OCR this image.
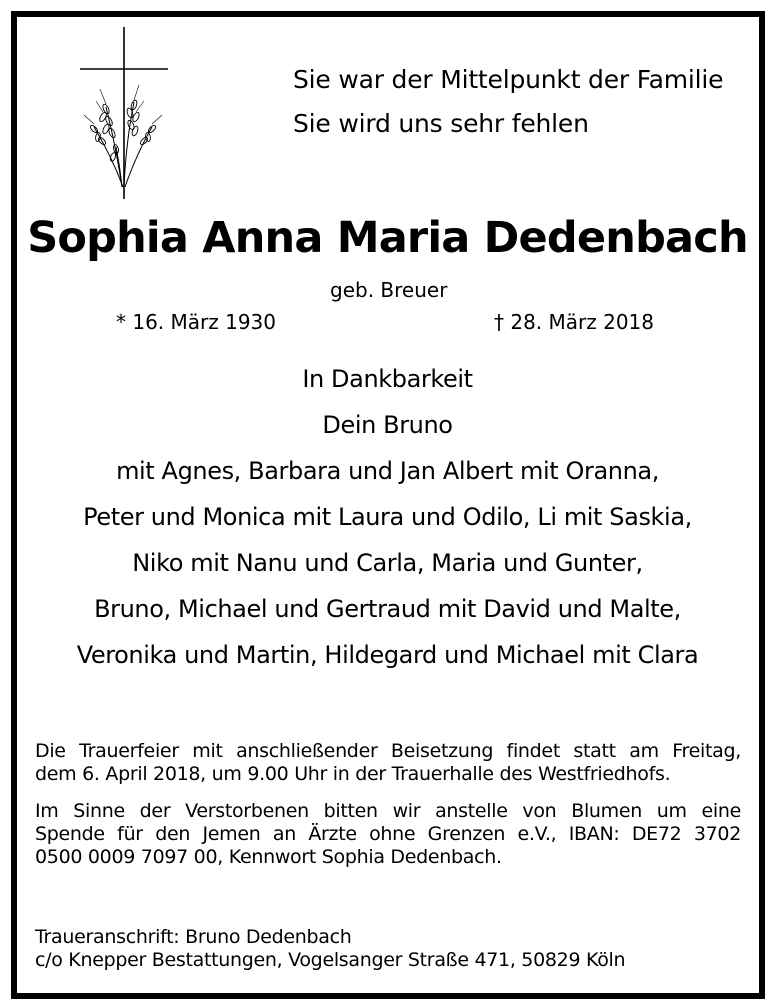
Sie war der Mittelpunkt der Familie
Sie wird uns sehr fehlen
Sophia Anna Maria Dedenbach
geb. Breuer
* 16. März 1930	† 28. März 2018
In Dankbarkeit
Dein Bruno
mit Agnes, Barbara und Jan Albert mit Oranna,
Peter und Monica mit Laura und Odilo, Li mit Saskia,
Niko mit Nanu und Carla, Maria und Gunter,
Bruno, Michael und Gertraud mit David und Malte,
Veronika und Martin, Hildegard und Michael mit Clara
Die Trauerfeier mit anschließender Beisetzung findet statt am Freitag,
dem 6. April 2018, um 9.00 Uhr in der Trauerhalle des Westfriedhofs.
Im Sinne der Verstorbenen bitten wir anstelle von Blumen um eine
Spende für den Jemen an Ärzte ohne Grenzen e.V., IBAN: DE72 3702
0500 0009 7097 00, Kennwort Sophia Dedenbach.
Traueranschrift: Bruno Dedenbach
c/o Knepper Bestattungen, Vogelsanger Straße 471, 50829 Köln
